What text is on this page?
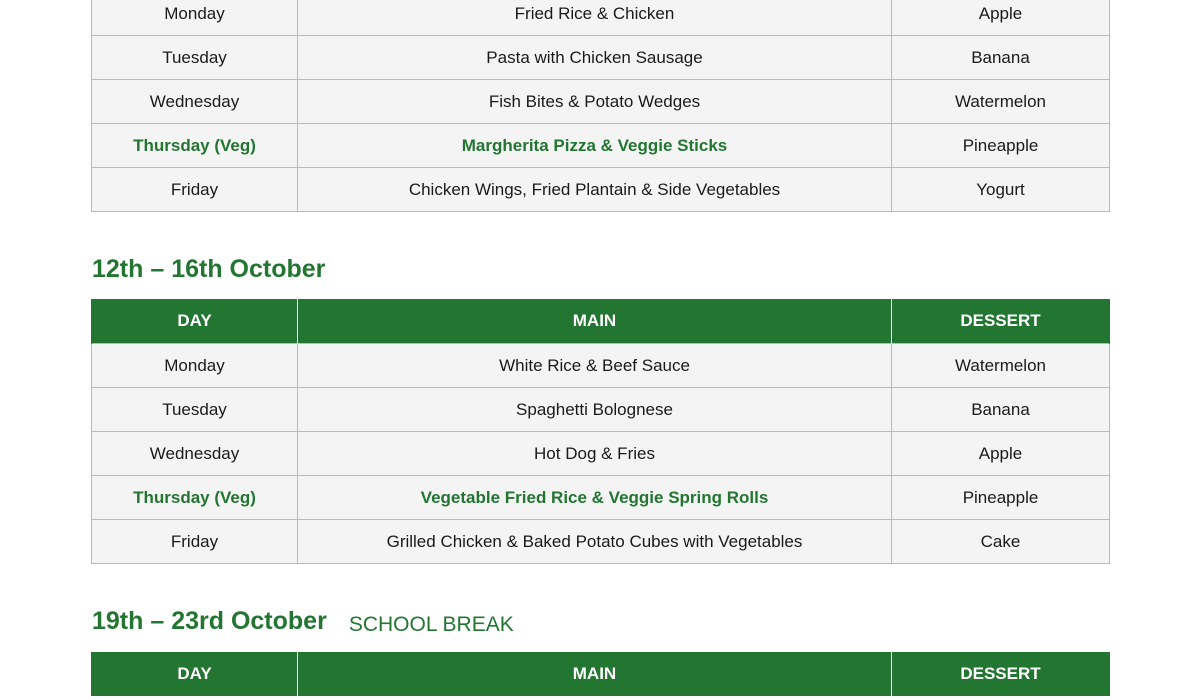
Monday	Fried Rice & Chicken	Apple
Tuesday	Pasta with Chicken Sausage	Banana
Wednesday	Fish Bites & Potato Wedges	Watermelon
Thursday (Veg)	Margherita Pizza & Veggie Sticks	Pineapple
Friday	Chicken Wings, Fried Plantain & Side Vegetables	Yogurt
12th – 16th October
DAY	MAIN	DESSERT
Monday	White Rice & Beef Sauce	Watermelon
Tuesday	Spaghetti Bolognese	Banana
Wednesday	Hot Dog & Fries	Apple
Thursday (Veg)	Vegetable Fried Rice & Veggie Spring Rolls	Pineapple
Friday	Grilled Chicken & Baked Potato Cubes with Vegetables	Cake
19th – 23rd October SCHOOL BREAK
DAY	MAIN	DESSERT
